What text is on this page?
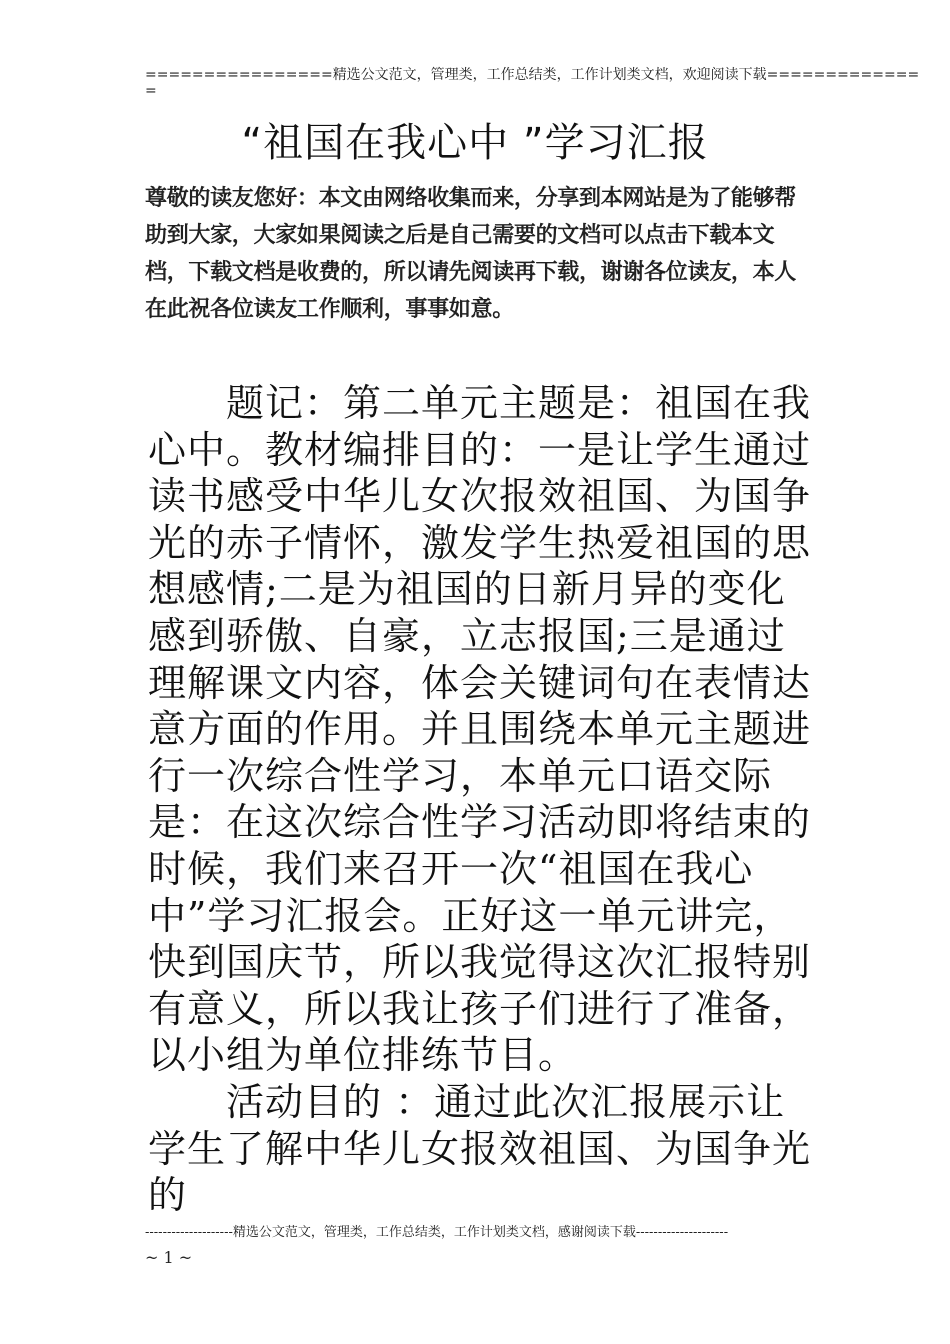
================精选公文范文，管理类，工作总结类，工作计划类文档，欢迎阅读下载=============
=
“祖国在我心中 ”学习汇报
尊敬的读友您好：本文由网络收集而来，分享到本网站是为了能够帮助到大家，大家如果阅读之后是自己需要的文档可以点击下载本文档，下载文档是收费的，所以请先阅读再下载，谢谢各位读友，本人在此祝各位读友工作顺利，事事如意。

题记：第二单元主题是：祖国在我心中。教材编排目的：一是让学生通过读书感受中华儿女次报效祖国、为国争光的赤子情怀，激发学生热爱祖国的思想感情;二是为祖国的日新月异的变化感到骄傲、自豪，立志报国;三是通过理解课文内容，体会关键词句在表情达意方面的作用。并且围绕本单元主题进行一次综合性学习，本单元口语交际是：在这次综合性学习活动即将结束的时候，我们来召开一次“祖国在我心中”学习汇报会。正好这一单元讲完，快到国庆节，所以我觉得这次汇报特别有意义，所以我让孩子们进行了准备，以小组为单位排练节目。

活动目的 ：通过此次汇报展示让学生了解中华儿女报效祖国、为国争光的

--------------------精选公文范文，管理类，工作总结类，工作计划类文档，感谢阅读下载---------------------
~ 1 ~
